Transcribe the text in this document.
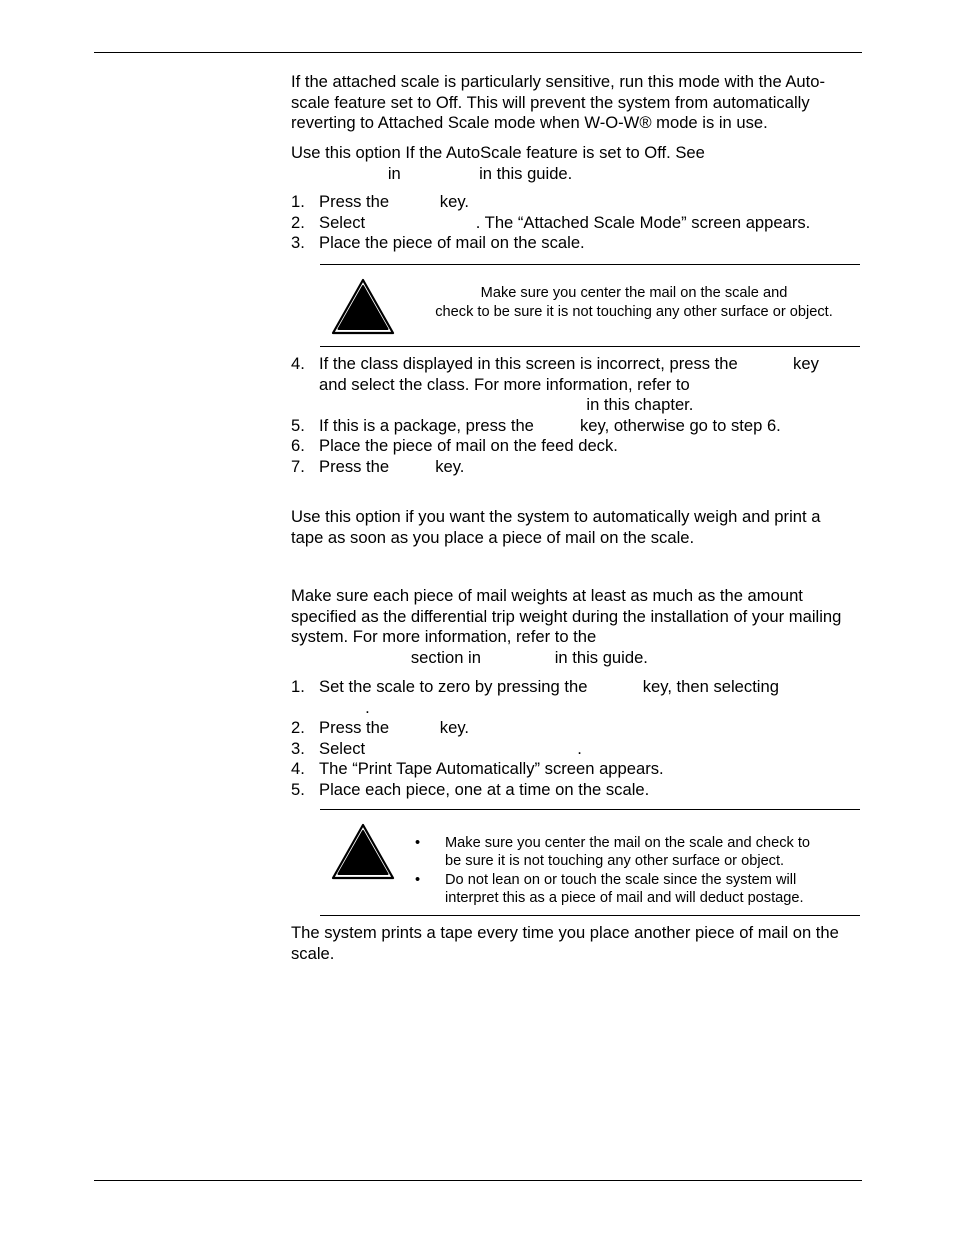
If the attached scale is particularly sensitive, run this mode with the Auto-
scale feature set to Off. This will prevent the system from automatically
reverting to Attached Scale mode when W-O-W® mode is in use.

Use this option If the AutoScale feature is set to Off. See
in                 in this guide.

1. Press the           key.
2. Select                        . The “Attached Scale Mode” screen appears.
3. Place the piece of mail on the scale.
Make sure you center the mail on the scale and
check to be sure it is not touching any other surface or object.
4. If the class displayed in this screen is incorrect, press the            key
and select the class. For more information, refer to
in this chapter.
5. If this is a package, press the          key, otherwise go to step 6.
6. Place the piece of mail on the feed deck.
7. Press the          key.

Use this option if you want the system to automatically weigh and print a
tape as soon as you place a piece of mail on the scale.

Make sure each piece of mail weights at least as much as the amount
specified as the differential trip weight during the installation of your mailing
system. For more information, refer to the
section in                in this guide.

1. Set the scale to zero by pressing the            key, then selecting
.
2. Press the           key.
3. Select                                              .
4. The “Print Tape Automatically” screen appears.
5. Place each piece, one at a time on the scale.
• Make sure you center the mail on the scale and check to
be sure it is not touching any other surface or object.
• Do not lean on or touch the scale since the system will
interpret this as a piece of mail and will deduct postage.

The system prints a tape every time you place another piece of mail on the
scale.
